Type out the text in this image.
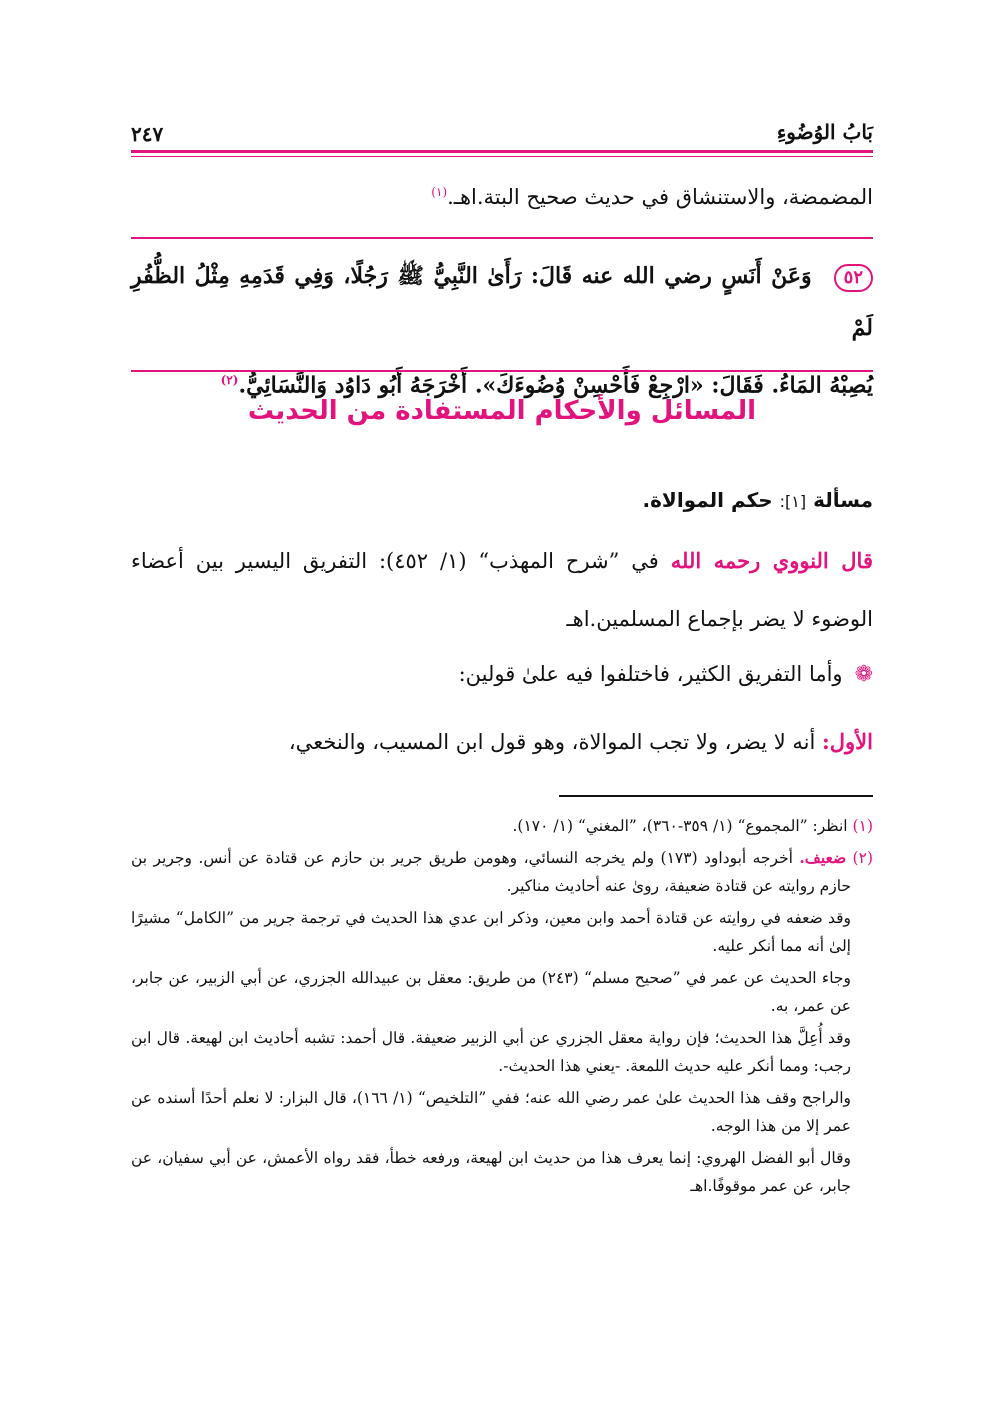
بَابُ الوُضُوءِ
٢٤٧
المضمضة، والاستنشاق في حديث صحيح البتة.اهـ.$^{(١)}$
٥٢وَعَنْ أَنَسٍ رضي الله عنه قَالَ: رَأَىٰ النَّبِيُّ ﷺ رَجُلًا، وَفِي قَدَمِهِ مِثْلُ الظُّفُرِ لَمْ
يُصِبْهُ المَاءُ. فَقَالَ: «ارْجِعْ فَأَحْسِنْ وُضُوءَكَ». أَخْرَجَهُ أَبُو دَاوُد وَالنَّسَائِيُّ.$^{(٢)}$
المسائل والأحكام المستفادة من الحديث
مسألة [١]: حكم الموالاة.
قال النووي رحمه الله في ”شرح المهذب“ (١/ ٤٥٢): التفريق اليسير بين أعضاء الوضوء لا يضر بإجماع المسلمين.اهـ
❁وأما التفريق الكثير، فاختلفوا فيه علىٰ قولين:
الأول: أنه لا يضر، ولا تجب الموالاة، وهو قول ابن المسيب، والنخعي،
(١) انظر: ”المجموع“ (١/ ٣٥٩-٣٦٠)، ”المغني“ (١/ ١٧٠).
(٢) ضعيف. أخرجه أبوداود (١٧٣) ولم يخرجه النسائي، وهومن طريق جرير بن حازم عن قتادة عن أنس. وجرير بن حازم روايته عن قتادة ضعيفة، روىٰ عنه أحاديث مناكير.
وقد ضعفه في روايته عن قتادة أحمد وابن معين، وذكر ابن عدي هذا الحديث في ترجمة جرير من ”الكامل“ مشيرًا إلىٰ أنه مما أنكر عليه.
وجاء الحديث عن عمر في ”صحيح مسلم“ (٢٤٣) من طريق: معقل بن عبيدالله الجزري، عن أبي الزبير، عن جابر، عن عمر، به.
وقد أُعِلَّ هذا الحديث؛ فإن رواية معقل الجزري عن أبي الزبير ضعيفة. قال أحمد: تشبه أحاديث ابن لهيعة. قال ابن رجب: ومما أنكر عليه حديث اللمعة. -يعني هذا الحديث-.
والراجح وقف هذا الحديث علىٰ عمر رضي الله عنه؛ ففي ”التلخيص“ (١/ ١٦٦)، قال البزار: لا نعلم أحدًا أسنده عن عمر إلا من هذا الوجه.
وقال أبو الفضل الهروي: إنما يعرف هذا من حديث ابن لهيعة، ورفعه خطأ، فقد رواه الأعمش، عن أبي سفيان، عن جابر، عن عمر موقوفًا.اهـ
